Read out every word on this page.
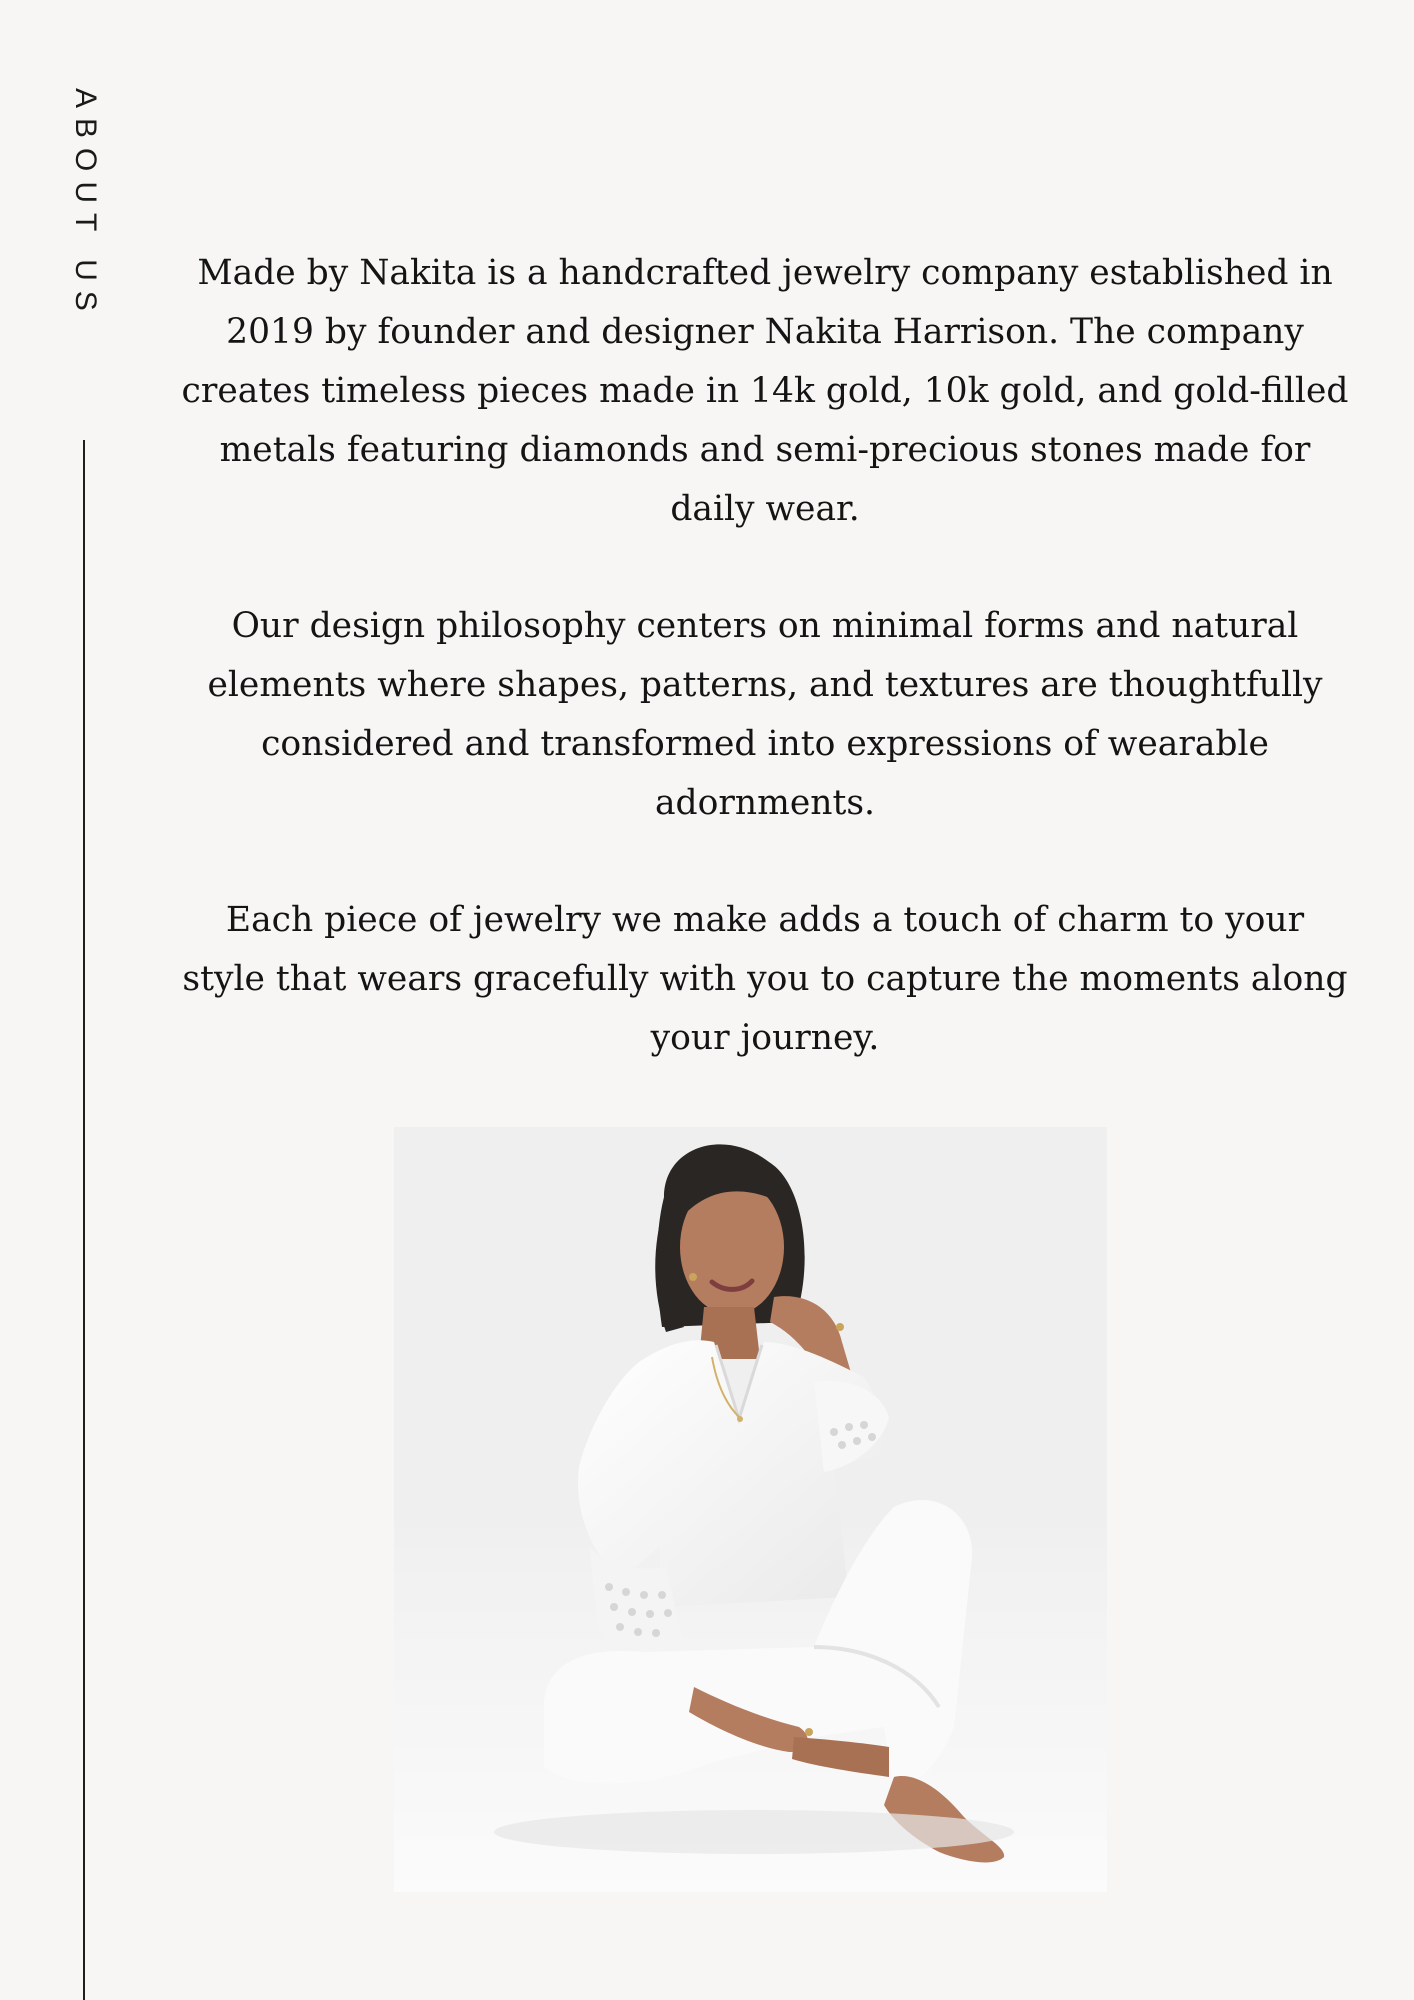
ABOUT US	Made by Nakita is a handcrafted jewelry company established in 2019 by founder and designer Nakita Harrison. The company creates timeless pieces made in 14k gold, 10k gold, and gold-filled metals featuring diamonds and semi-precious stones made for daily wear.

Our design philosophy centers on minimal forms and natural elements where shapes, patterns, and textures are thoughtfully considered and transformed into expressions of wearable adornments.

Each piece of jewelry we make adds a touch of charm to your style that wears gracefully with you to capture the moments along your journey.
